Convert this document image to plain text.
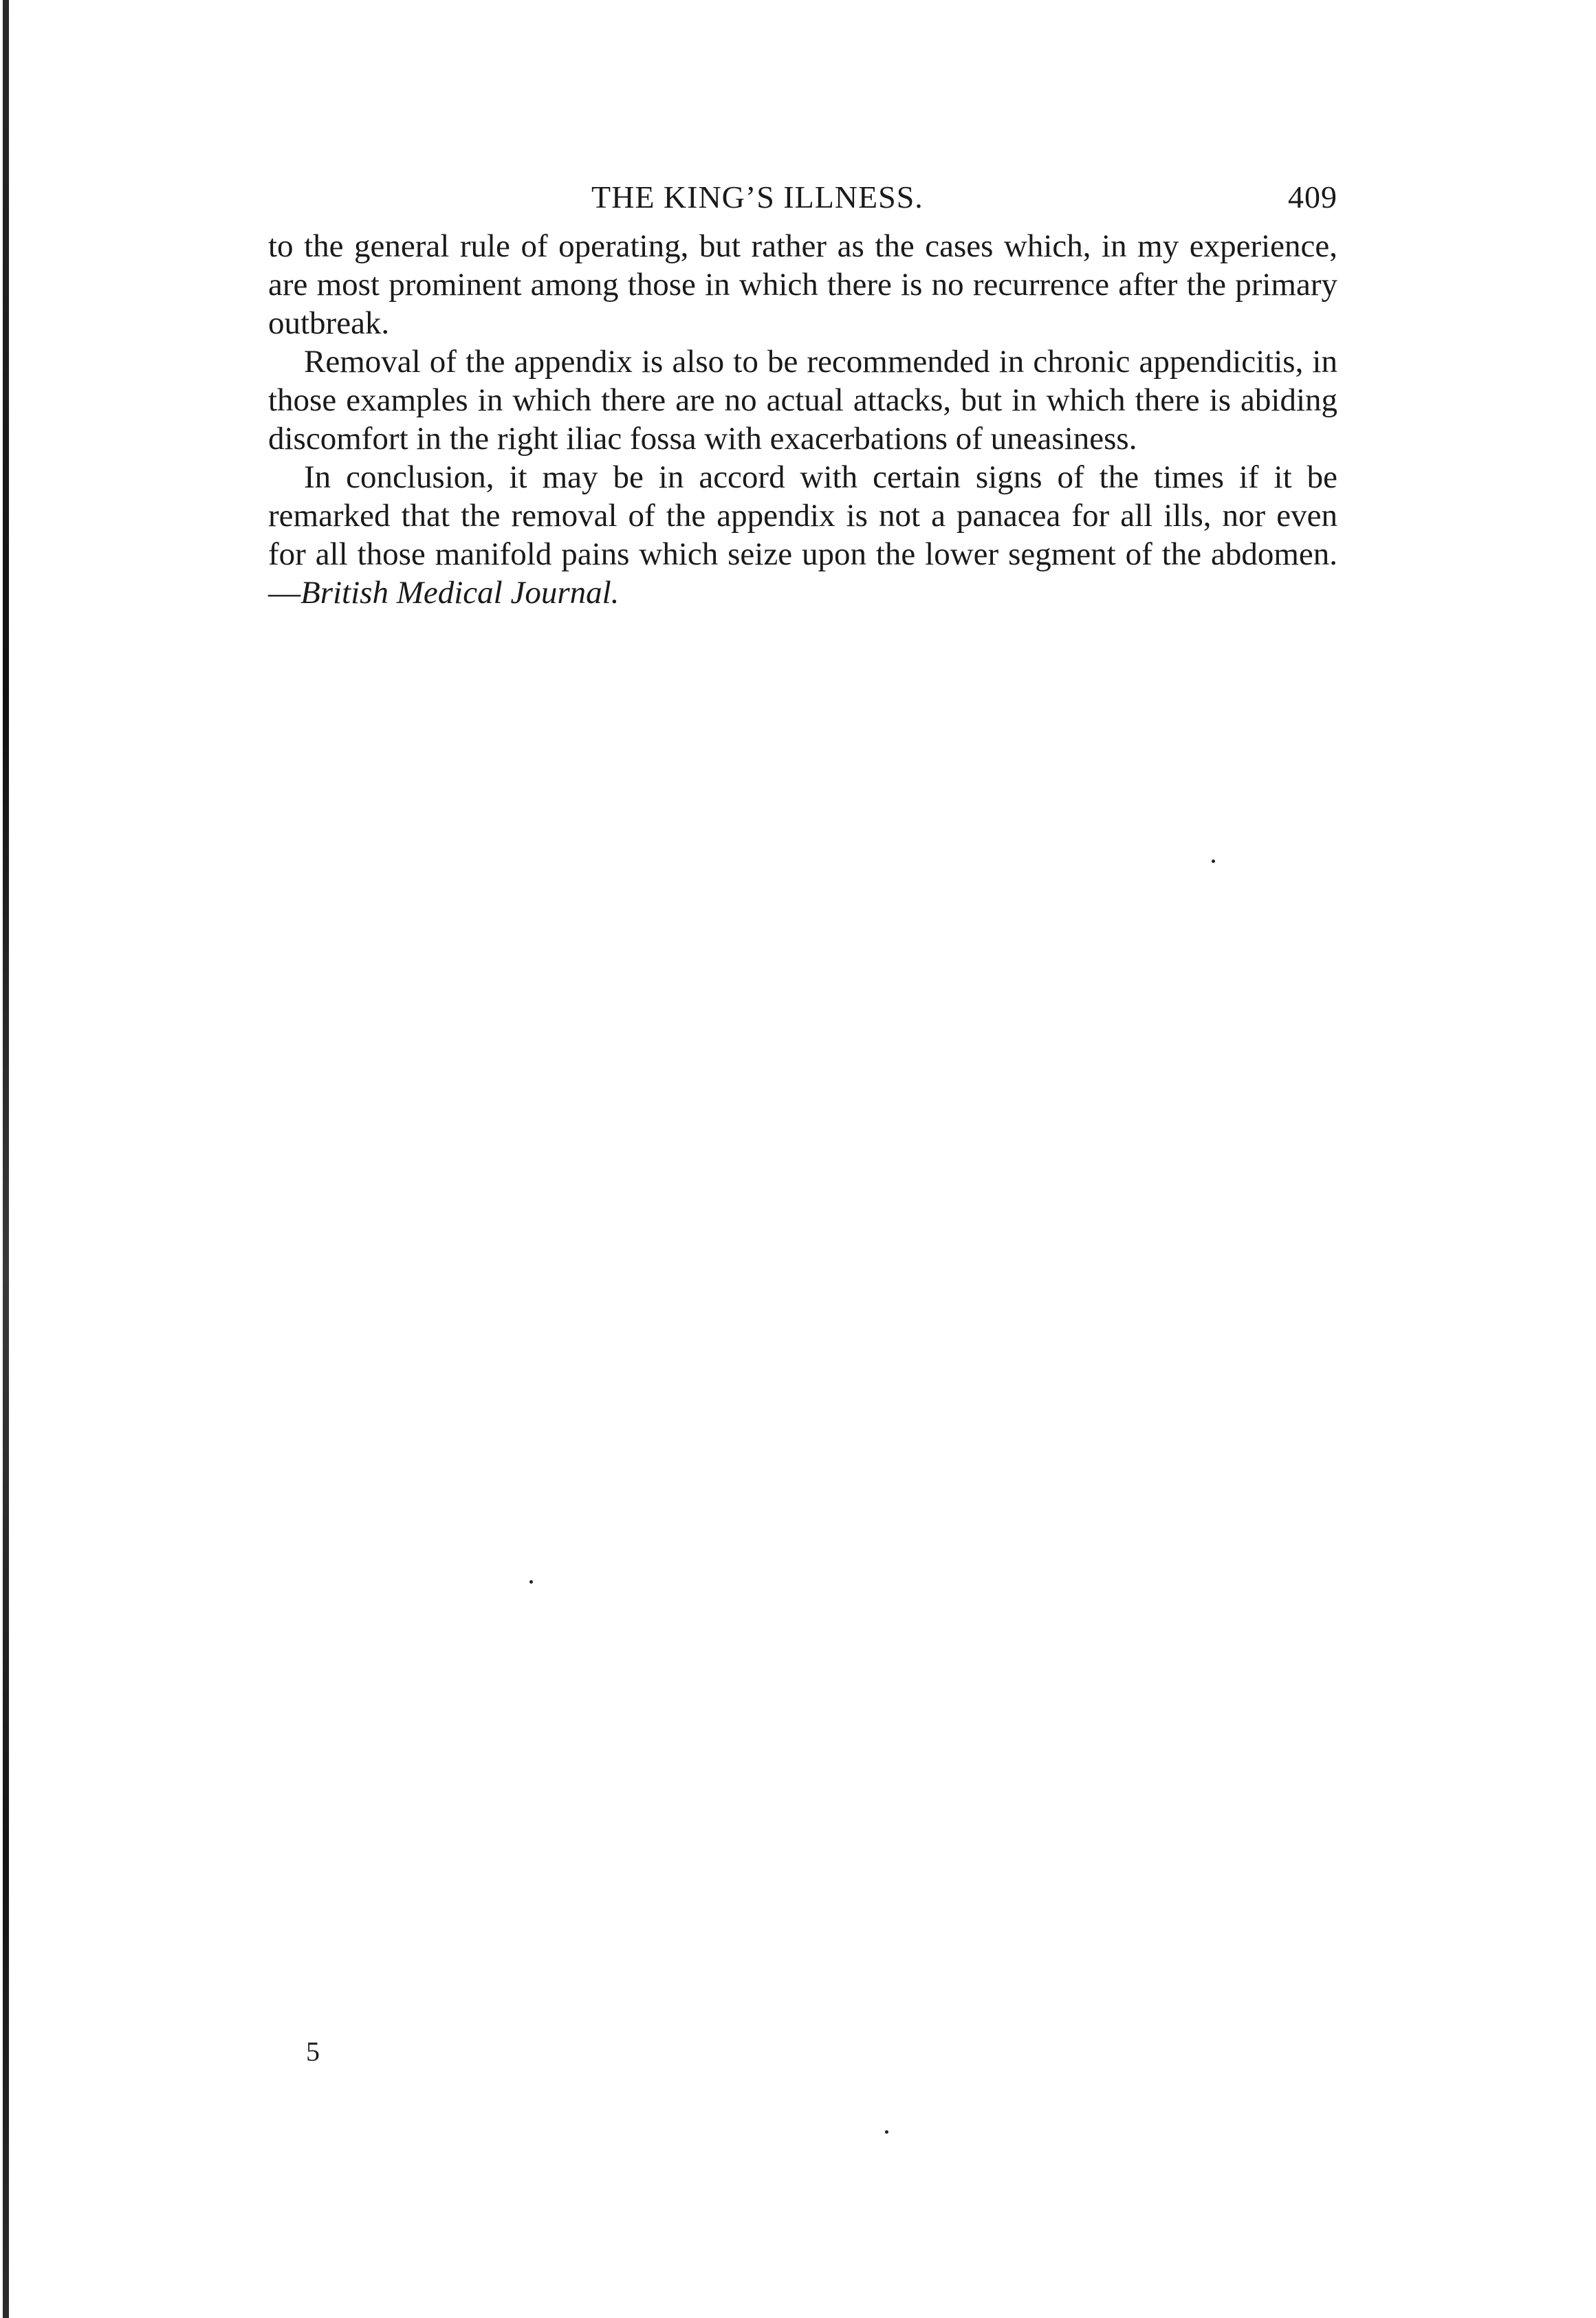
THE KING’S ILLNESS.	409

to the general rule of operating, but rather as the cases which, in my experience, are most prominent among those in which there is no recurrence after the primary outbreak.

Removal of the appendix is also to be recommended in chronic appendicitis, in those examples in which there are no actual attacks, but in which there is abiding discomfort in the right iliac fossa with exacerbations of uneasiness.

In conclusion, it may be in accord with certain signs of the times if it be remarked that the removal of the appendix is not a panacea for all ills, nor even for all those manifold pains which seize upon the lower segment of the abdomen.—British Medical Journal.

5
